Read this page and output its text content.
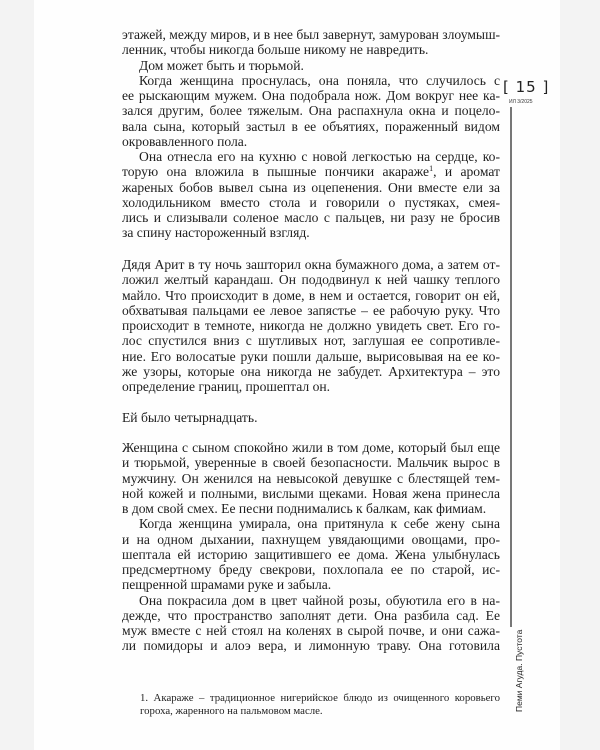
этажей, между миров, и в нее был завернут, замурован злоумыш-
ленник, чтобы никогда больше никому не навредить.
Дом может быть и тюрьмой.
Когда женщина проснулась, она поняла, что случилось с
ее рыскающим мужем. Она подобрала нож. Дом вокруг нее ка-
зался другим, более тяжелым. Она распахнула окна и поцело-
вала сына, который застыл в ее объятиях, пораженный видом
окровавленного пола.
Она отнесла его на кухню с новой легкостью на сердце, ко-
торую она вложила в пышные пончики акараже$^1$, и аромат
жареных бобов вывел сына из оцепенения. Они вместе ели за
холодильником вместо стола и говорили о пустяках, смея-
лись и слизывали соленое масло с пальцев, ни разу не бросив
за спину настороженный взгляд.
Дядя Арит в ту ночь зашторил окна бумажного дома, а затем от-
ложил желтый карандаш. Он пододвинул к ней чашку теплого
майло. Что происходит в доме, в нем и остается, говорит он ей,
обхватывая пальцами ее левое запястье – ее рабочую руку. Что
происходит в темноте, никогда не должно увидеть свет. Его го-
лос спустился вниз с шутливых нот, заглушая ее сопротивле-
ние. Его волосатые руки пошли дальше, вырисовывая на ее ко-
же узоры, которые она никогда не забудет. Архитектура – это
определение границ, прошептал он.
Ей было четырнадцать.
Женщина с сыном спокойно жили в том доме, который был еще
и тюрьмой, уверенные в своей безопасности. Мальчик вырос в
мужчину. Он женился на невысокой девушке с блестящей тем-
ной кожей и полными, вислыми щеками. Новая жена принесла
в дом свой смех. Ее песни поднимались к балкам, как фимиам.
Когда женщина умирала, она притянула к себе жену сына
и на одном дыхании, пахнущем увядающими овощами, про-
шептала ей историю защитившего ее дома. Жена улыбнулась
предсмертному бреду свекрови, похлопала ее по старой, ис-
пещренной шрамами руке и забыла.
Она покрасила дом в цвет чайной розы, обуютила его в на-
дежде, что пространство заполнят дети. Она разбила сад. Ее
муж вместе с ней стоял на коленях в сырой почве, и они сажа-
ли помидоры и алоэ вера, и лимонную траву. Она готовила
1. Акараже – традиционное нигерийское блюдо из очищенного коровьего
гороха, жаренного на пальмовом масле.
[ 15 ]
ИЛ 3/2025
Пеми Агуда. Пустота
